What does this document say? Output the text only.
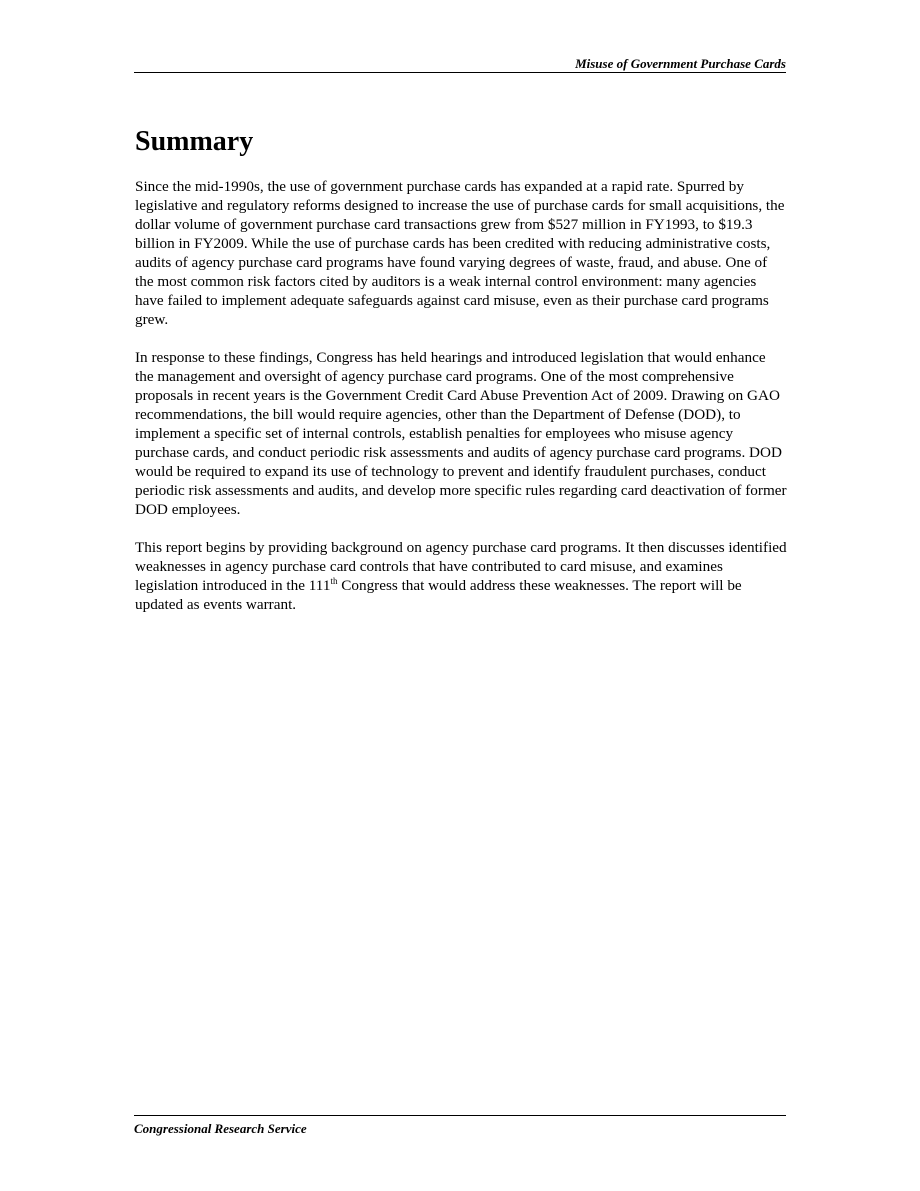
Misuse of Government Purchase Cards
Summary

Since the mid-1990s, the use of government purchase cards has expanded at a rapid rate. Spurred by legislative and regulatory reforms designed to increase the use of purchase cards for small acquisitions, the dollar volume of government purchase card transactions grew from $527 million in FY1993, to $19.3 billion in FY2009. While the use of purchase cards has been credited with reducing administrative costs, audits of agency purchase card programs have found varying degrees of waste, fraud, and abuse. One of the most common risk factors cited by auditors is a weak internal control environment: many agencies have failed to implement adequate safeguards against card misuse, even as their purchase card programs grew.

In response to these findings, Congress has held hearings and introduced legislation that would enhance the management and oversight of agency purchase card programs. One of the most comprehensive proposals in recent years is the Government Credit Card Abuse Prevention Act of 2009. Drawing on GAO recommendations, the bill would require agencies, other than the Department of Defense (DOD), to implement a specific set of internal controls, establish penalties for employees who misuse agency purchase cards, and conduct periodic risk assessments and audits of agency purchase card programs. DOD would be required to expand its use of technology to prevent and identify fraudulent purchases, conduct periodic risk assessments and audits, and develop more specific rules regarding card deactivation of former DOD employees.

This report begins by providing background on agency purchase card programs. It then discusses identified weaknesses in agency purchase card controls that have contributed to card misuse, and examines legislation introduced in the 111th Congress that would address these weaknesses. The report will be updated as events warrant.

Congressional Research Service
